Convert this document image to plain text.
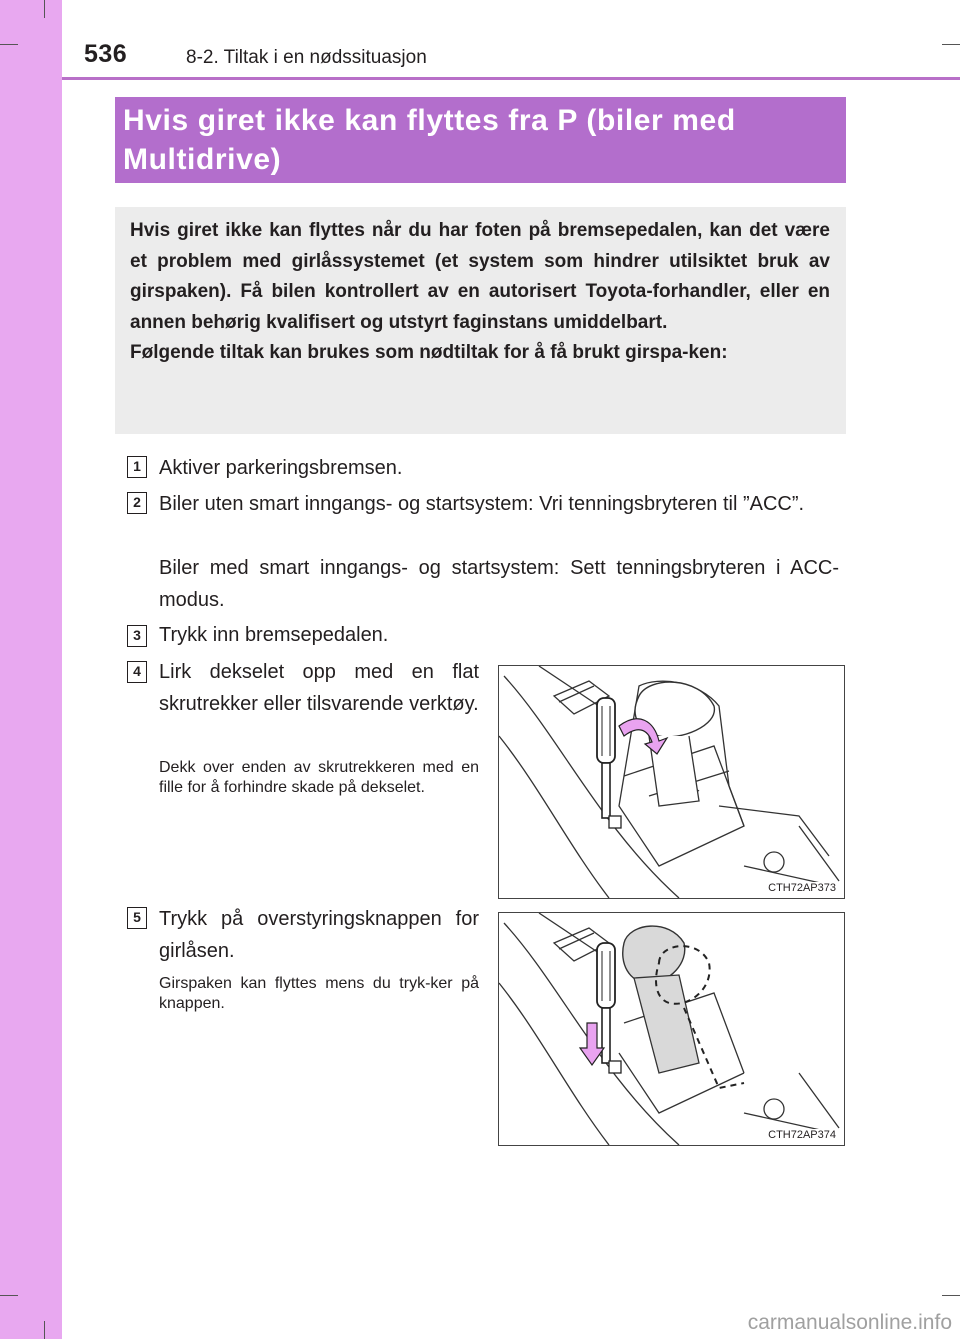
536	8-2. Tiltak i en nødssituasjon
Hvis giret ikke kan flyttes fra P (biler med
Multidrive)

Hvis giret ikke kan flyttes når du har foten på bremsepedalen, kan det være et problem med girlåssystemet (et system som hindrer utilsiktet bruk av girspaken). Få bilen kontrollert av en autorisert Toyota-forhandler, eller en annen behørig kvalifisert og utstyrt faginstans umiddelbart.

Følgende tiltak kan brukes som nødtiltak for å få brukt girspa-ken:

1 Aktiver parkeringsbremsen.
2 Biler uten smart inngangs- og startsystem: Vri tenningsbryteren til ”ACC”.
Biler med smart inngangs- og startsystem: Sett tenningsbryteren i ACC-modus.
3 Trykk inn bremsepedalen.
4 Lirk dekselet opp med en flat skrutrekker eller tilsvarende verktøy.
Dekk over enden av skrutrekkeren med en fille for å forhindre skade på dekselet.
CTH72AP373
5 Trykk på overstyringsknappen for girlåsen.
Girspaken kan flyttes mens du tryk-ker på knappen.
CTH72AP374
carmanualsonline.info
